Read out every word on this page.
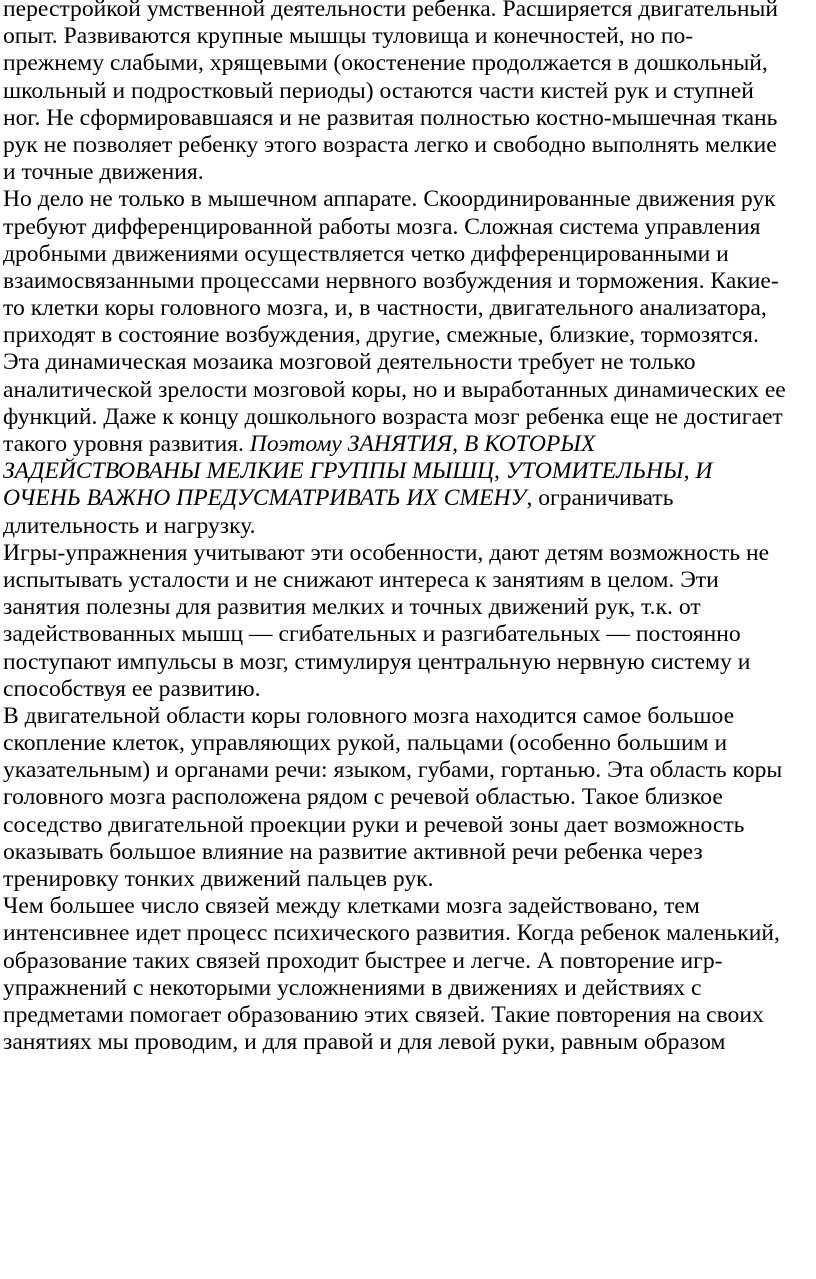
перестройкой умственной деятельности ребенка. Расширяется двигательный
опыт. Развиваются крупные мышцы туловища и конечностей, но по-
прежнему слабыми, хрящевыми (окостенение продолжается в дошкольный,
школьный и подростковый периоды) остаются части кистей рук и ступней
ног. Не сформировавшаяся и не развитая полностью костно-мышечная ткань
рук не позволяет ребенку этого возраста легко и свободно выполнять мелкие
и точные движения.
Но дело не только в мышечном аппарате. Скоординированные движения рук
требуют дифференцированной работы мозга. Сложная система управления
дробными движениями осуществляется четко дифференцированными и
взаимосвязанными процессами нервного возбуждения и торможения. Какие-
то клетки коры головного мозга, и, в частности, двигательного анализатора,
приходят в состояние возбуждения, другие, смежные, близкие, тормозятся.
Эта динамическая мозаика мозговой деятельности требует не только
аналитической зрелости мозговой коры, но и выработанных динамических ее
функций. Даже к концу дошкольного возраста мозг ребенка еще не достигает
такого уровня развития. Поэтому ЗАНЯТИЯ, В КОТОРЫХ
ЗАДЕЙСТВОВАНЫ МЕЛКИЕ ГРУППЫ МЫШЦ, УТОМИТЕЛЬНЫ, И
ОЧЕНЬ ВАЖНО ПРЕДУСМАТРИВАТЬ ИХ СМЕНУ, ограничивать
длительность и нагрузку.
Игры-упражнения учитывают эти особенности, дают детям возможность не
испытывать усталости и не снижают интереса к занятиям в целом. Эти
занятия полезны для развития мелких и точных движений рук, т.к. от
задействованных мышц — сгибательных и разгибательных — постоянно
поступают импульсы в мозг, стимулируя центральную нервную систему и
способствуя ее развитию.
В двигательной области коры головного мозга находится самое большое
скопление клеток, управляющих рукой, пальцами (особенно большим и
указательным) и органами речи: языком, губами, гортанью. Эта область коры
головного мозга расположена рядом с речевой областью. Такое близкое
соседство двигательной проекции руки и речевой зоны дает возможность
оказывать большое влияние на развитие активной речи ребенка через
тренировку тонких движений пальцев рук.
Чем большее число связей между клетками мозга задействовано, тем
интенсивнее идет процесс психического развития. Когда ребенок маленький,
образование таких связей проходит быстрее и легче. А повторение игр-
упражнений с некоторыми усложнениями в движениях и действиях с
предметами помогает образованию этих связей. Такие повторения на своих
занятиях мы проводим, и для правой и для левой руки, равным образом
